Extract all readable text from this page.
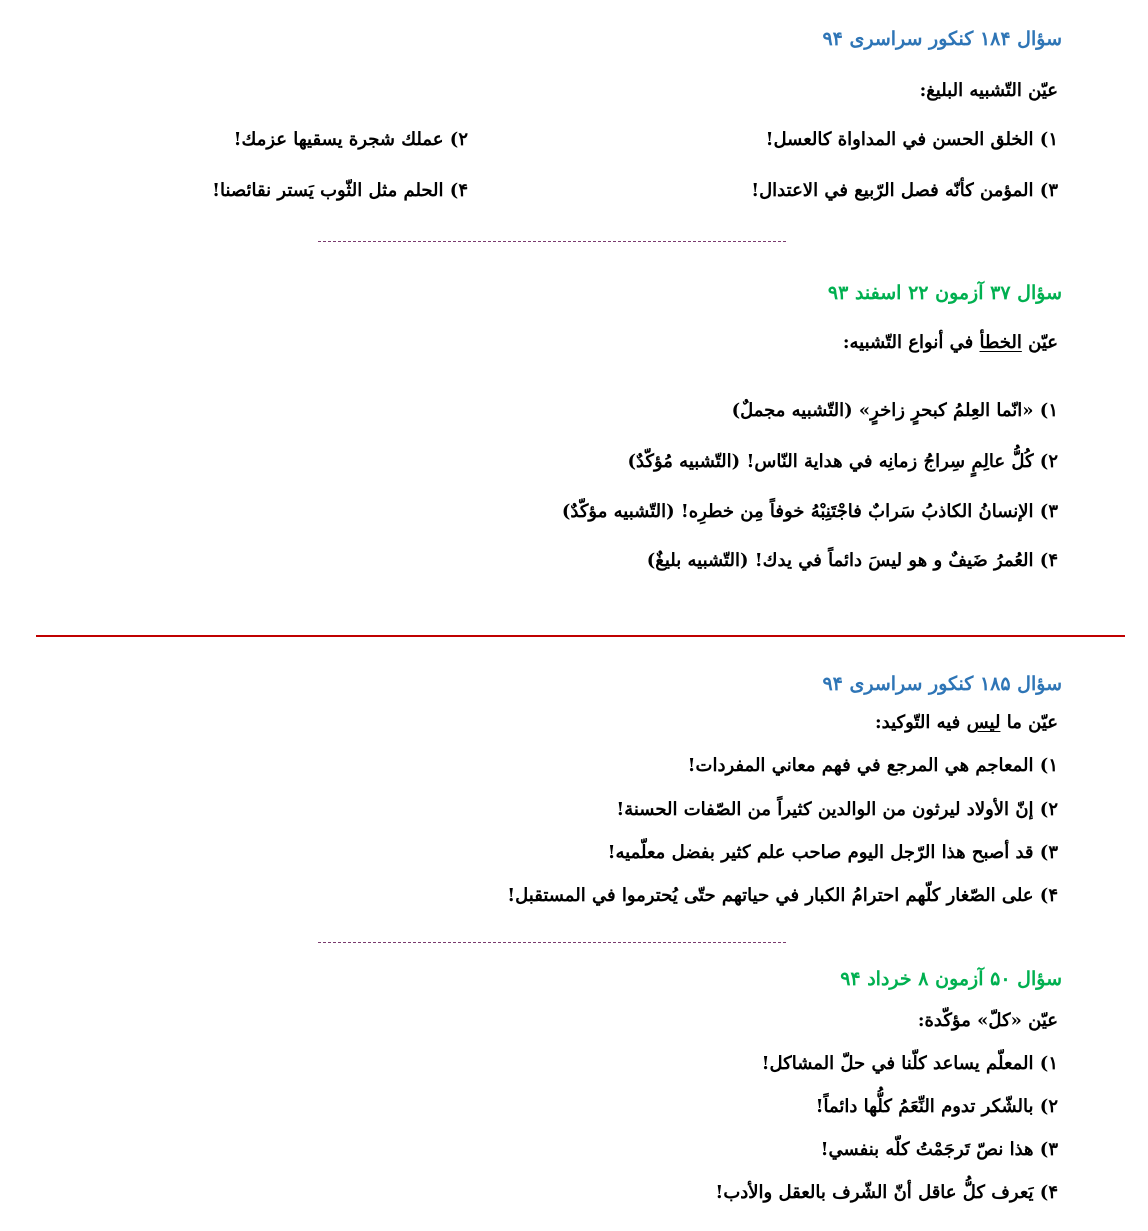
سؤال ۱۸۴ کنکور سراسری ۹۴
عيّن التّشبيه البليغ:
۱) الخلق الحسن في المداواة كالعسل!
۲) عملك شجرة يسقيها عزمك!
۳) المؤمن كأنّه فصل الرّبيع في الاعتدال!
۴) الحلم مثل الثّوب يَستر نقائصنا!
سؤال ۳۷ آزمون ۲۲ اسفند ۹۳
عيّن الخطأ في أنواع التّشبيه:
۱) «انّما العِلمُ كبحرٍ زاخرٍ» (التّشبيه مجملٌ)
۲) كُلُّ عالِمٍ سِراجُ زمانِه في هداية النّاس! (التّشبيه مُؤكّدٌ)
۳) الإنسانُ الكاذبُ سَرابٌ فاجْتَنِبْهُ خوفاً مِن خطرِه! (التّشبيه مؤكّدٌ)
۴) العُمرُ ضَيفٌ و هو ليسَ دائماً في يدك! (التّشبيه بليغٌ)
سؤال ۱۸۵ کنکور سراسری ۹۴
عيّن ما ليس فيه التّوكيد:
۱) المعاجم هي المرجع في فهم معاني المفردات!
۲) إنّ الأولاد ليرثون من الوالدين كثيراً من الصّفات الحسنة!
۳) قد أصبح هذا الرّجل اليوم صاحب علم كثير بفضل معلّميه!
۴) على الصّغار كلّهم احترامُ الكبار في حياتهم حتّى يُحترموا في المستقبل!
سؤال ۵۰ آزمون ۸ خرداد ۹۴
عيّن «كلّ» مؤكّدة:
۱) المعلّم يساعد كلّنا في حلّ المشاكل!
۲) بالشّكر تدوم النِّعَمُ كلُّها دائماً!
۳) هذا نصّ تَرجَمْتُ كلّه بنفسي!
۴) يَعرف كلُّ عاقل أنّ الشّرف بالعقل والأدب!
